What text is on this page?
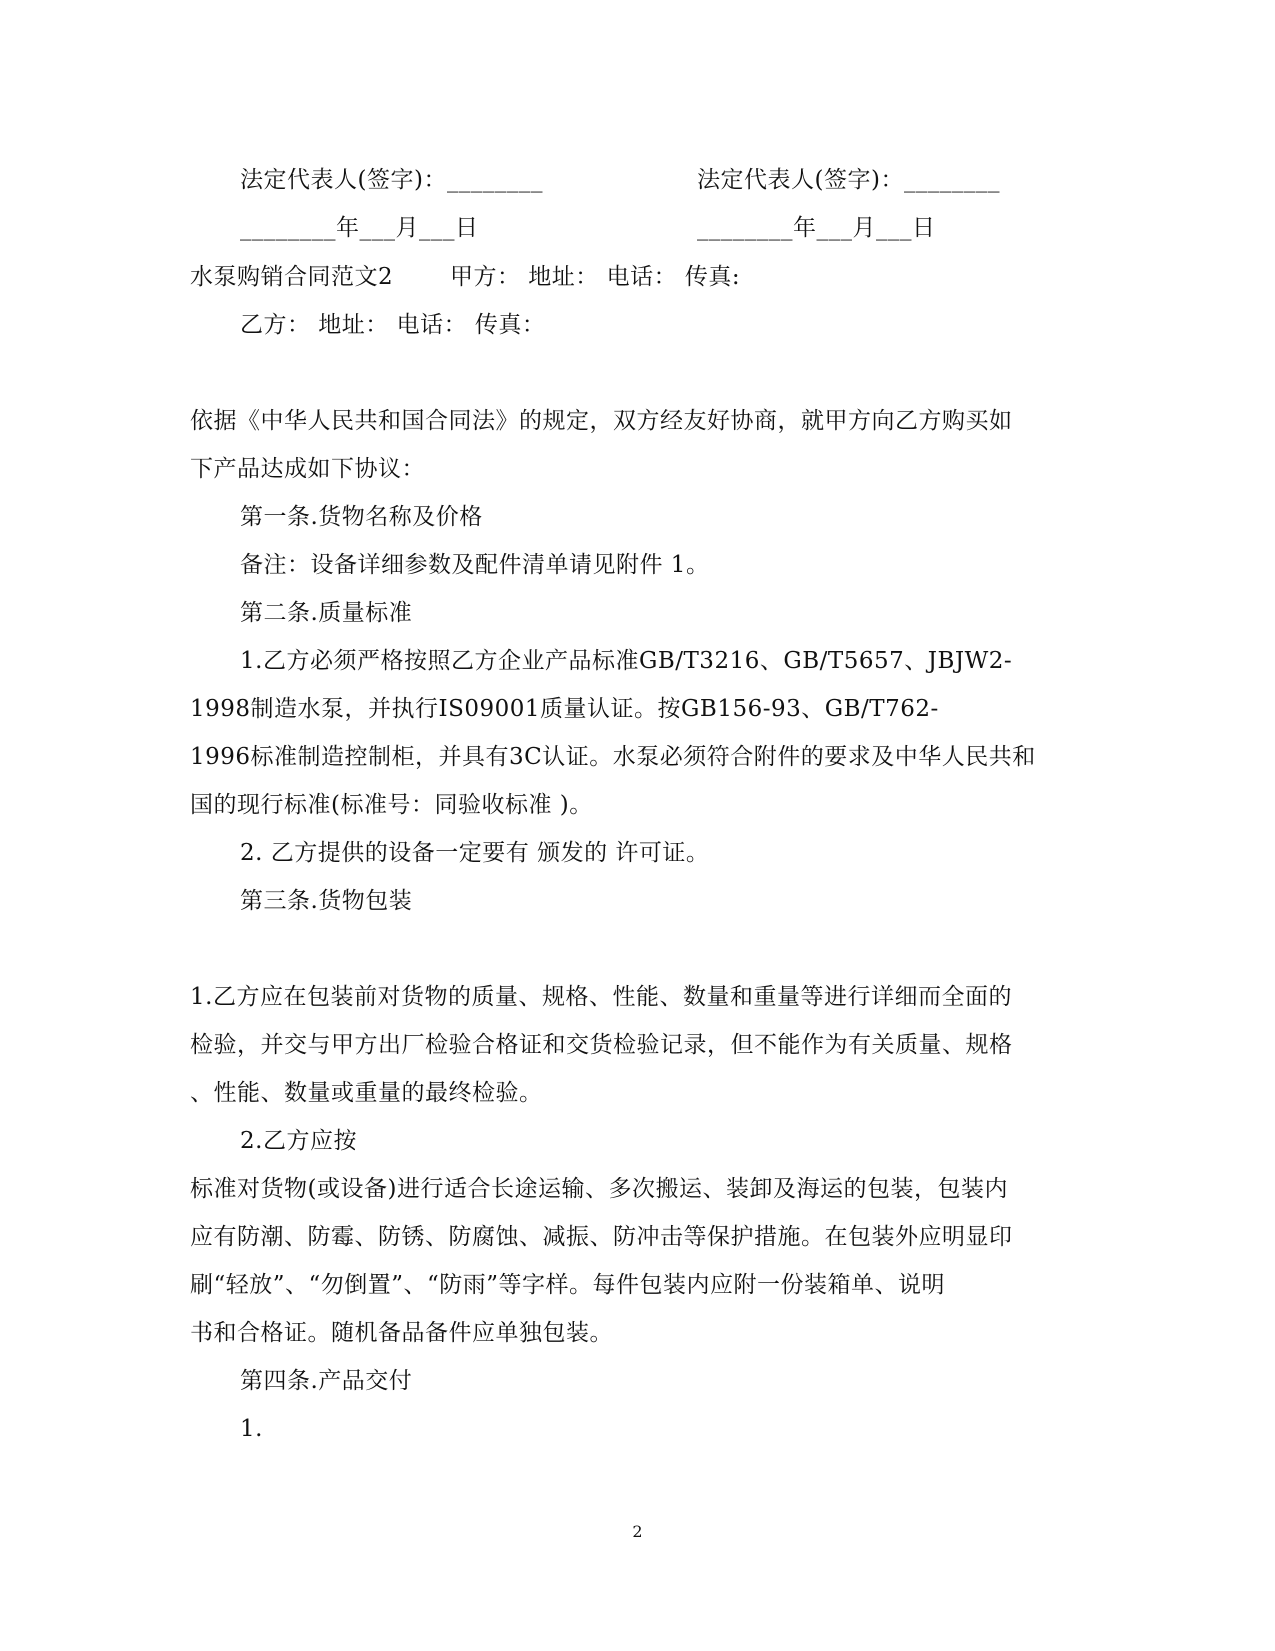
法定代表人(签字)：________	法定代表人(签字)：________
________年___月___日	________年___月___日
水泵购销合同范文2 甲方： 地址： 电话： 传真:
乙方： 地址： 电话： 传真：
依据《中华人民共和国合同法》的规定，双方经友好协商，就甲方向乙方购买如
下产品达成如下协议：
第一条.货物名称及价格
备注：设备详细参数及配件清单请见附件 1。
第二条.质量标准
1.乙方必须严格按照乙方企业产品标准GB/T3216、GB/T5657、JBJW2-
1998制造水泵，并执行IS09001质量认证。按GB156-93、GB/T762-
1996标准制造控制柜，并具有3C认证。水泵必须符合附件的要求及中华人民共和
国的现行标准(标准号：同验收标准 )。
2. 乙方提供的设备一定要有 颁发的 许可证。
第三条.货物包装
1.乙方应在包装前对货物的质量、规格、性能、数量和重量等进行详细而全面的
检验，并交与甲方出厂检验合格证和交货检验记录，但不能作为有关质量、规格
、性能、数量或重量的最终检验。
2.乙方应按
标准对货物(或设备)进行适合长途运输、多次搬运、装卸及海运的包装，包装内
应有防潮、防霉、防锈、防腐蚀、减振、防冲击等保护措施。在包装外应明显印
刷“轻放”、“勿倒置”、“防雨”等字样。每件包装内应附一份装箱单、说明
书和合格证。随机备品备件应单独包装。
第四条.产品交付
1.
2
